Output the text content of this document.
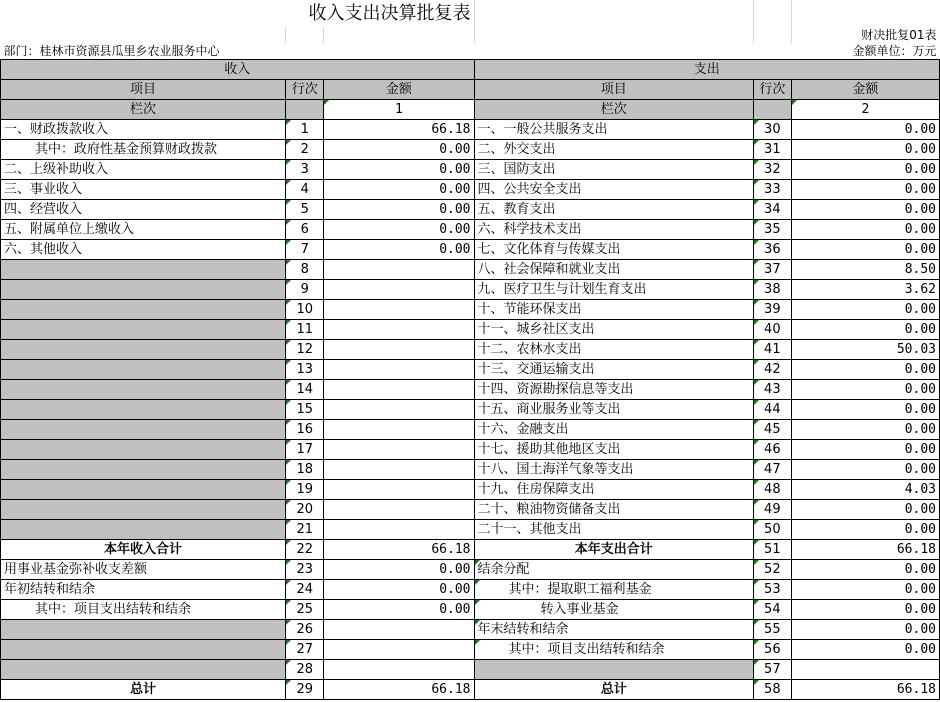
收入支出决算批复表					
					财决批复01表
部门：桂林市资源县瓜里乡农业服务中心					金额单位：万元
收入			支出		
项目	行次	金额	项目	行次	金额
栏次		1	栏次		2
一、财政拨款收入	1	66.18	一、一般公共服务支出	30	0.00
其中：政府性基金预算财政拨款	2	0.00	二、外交支出	31	0.00
二、上级补助收入	3	0.00	三、国防支出	32	0.00
三、事业收入	4	0.00	四、公共安全支出	33	0.00
四、经营收入	5	0.00	五、教育支出	34	0.00
五、附属单位上缴收入	6	0.00	六、科学技术支出	35	0.00
六、其他收入	7	0.00	七、文化体育与传媒支出	36	0.00
	8		八、社会保障和就业支出	37	8.50
	9		九、医疗卫生与计划生育支出	38	3.62
	10		十、节能环保支出	39	0.00
	11		十一、城乡社区支出	40	0.00
	12		十二、农林水支出	41	50.03
	13		十三、交通运输支出	42	0.00
	14		十四、资源勘探信息等支出	43	0.00
	15		十五、商业服务业等支出	44	0.00
	16		十六、金融支出	45	0.00
	17		十七、援助其他地区支出	46	0.00
	18		十八、国土海洋气象等支出	47	0.00
	19		十九、住房保障支出	48	4.03
	20		二十、粮油物资储备支出	49	0.00
	21		二十一、其他支出	50	0.00
本年收入合计	22	66.18	本年支出合计	51	66.18
用事业基金弥补收支差额	23	0.00	结余分配	52	0.00
年初结转和结余	24	0.00	其中：提取职工福利基金	53	0.00
其中：项目支出结转和结余	25	0.00	转入事业基金	54	0.00
	26		年末结转和结余	55	0.00
	27		其中：项目支出结转和结余	56	0.00
	28			57	
总计	29	66.18	总计	58	66.18
